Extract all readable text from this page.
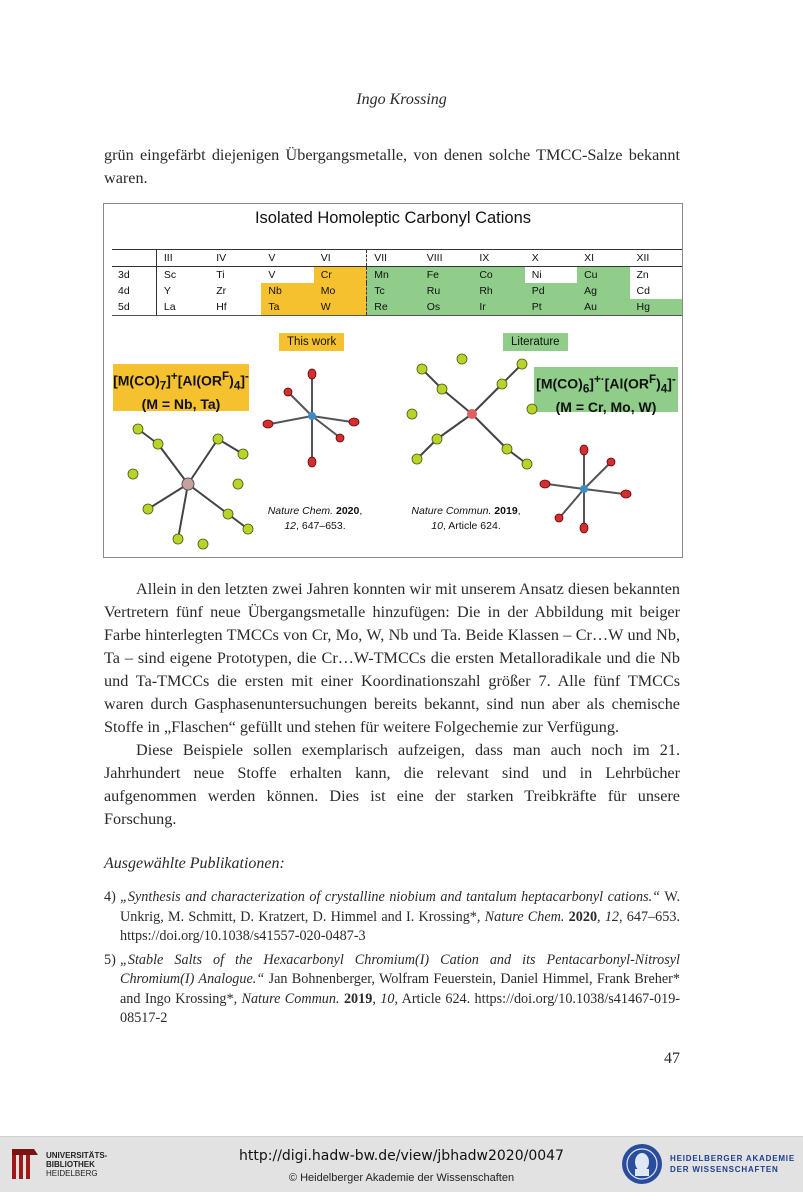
Ingo Krossing
grün eingefärbt diejenigen Übergangsmetalle, von denen solche TMCC-Salze bekannt waren.
Isolated Homoleptic Carbonyl Cations
	III	IV	V	VI	VII	VIII	IX	X	XI	XII
3d	Sc	Ti	V	Cr	Mn	Fe	Co	Ni	Cu	Zn
4d	Y	Zr	Nb	Mo	Tc	Ru	Rh	Pd	Ag	Cd
5d	La	Hf	Ta	W	Re	Os	Ir	Pt	Au	Hg
This work	Literature
$[M(CO)_7]^+[Al(OR^F)_4]^-$
(M = Nb, Ta)
$[M(CO)_6]^{+\cdot}[Al(OR^F)_4]^-$
(M = Cr, Mo, W)
Nature Chem. 2020,
12, 647–653.
Nature Commun. 2019,
10, Article 624.
Allein in den letzten zwei Jahren konnten wir mit unserem Ansatz diesen bekannten Vertretern fünf neue Übergangsmetalle hinzufügen: Die in der Abbildung mit beiger Farbe hinterlegten TMCCs von Cr, Mo, W, Nb und Ta. Beide Klassen – Cr…W und Nb, Ta – sind eigene Prototypen, die Cr…W-TMCCs die ersten Metalloradikale und die Nb und Ta-TMCCs die ersten mit einer Koordinationszahl größer 7. Alle fünf TMCCs waren durch Gasphasenuntersuchungen bereits bekannt, sind nun aber als chemische Stoffe in „Flaschen“ gefüllt und stehen für weitere Folgechemie zur Verfügung.
Diese Beispiele sollen exemplarisch aufzeigen, dass man auch noch im 21. Jahrhundert neue Stoffe erhalten kann, die relevant sind und in Lehrbücher aufgenommen werden können. Dies ist eine der starken Treibkräfte für unsere Forschung.
Ausgewählte Publikationen:
4) „Synthesis and characterization of crystalline niobium and tantalum heptacarbonyl cations.“ W. Unkrig, M. Schmitt, D. Kratzert, D. Himmel and I. Krossing*, Nature Chem. 2020, 12, 647–653. https://doi.org/10.1038/s41557-020-0487-3
5) „Stable Salts of the Hexacarbonyl Chromium(I) Cation and its Pentacarbonyl-Nitrosyl Chromium(I) Analogue.“ Jan Bohnenberger, Wolfram Feuerstein, Daniel Himmel, Frank Breher* and Ingo Krossing*, Nature Commun. 2019, 10, Article 624. https://doi.org/10.1038/s41467-019-08517-2
47
UNIVERSITÄTS-
BIBLIOTHEK
HEIDELBERG
http://digi.hadw-bw.de/view/jbhadw2020/0047
© Heidelberger Akademie der Wissenschaften
HEIDELBERGER AKADEMIE
DER WISSENSCHAFTEN
